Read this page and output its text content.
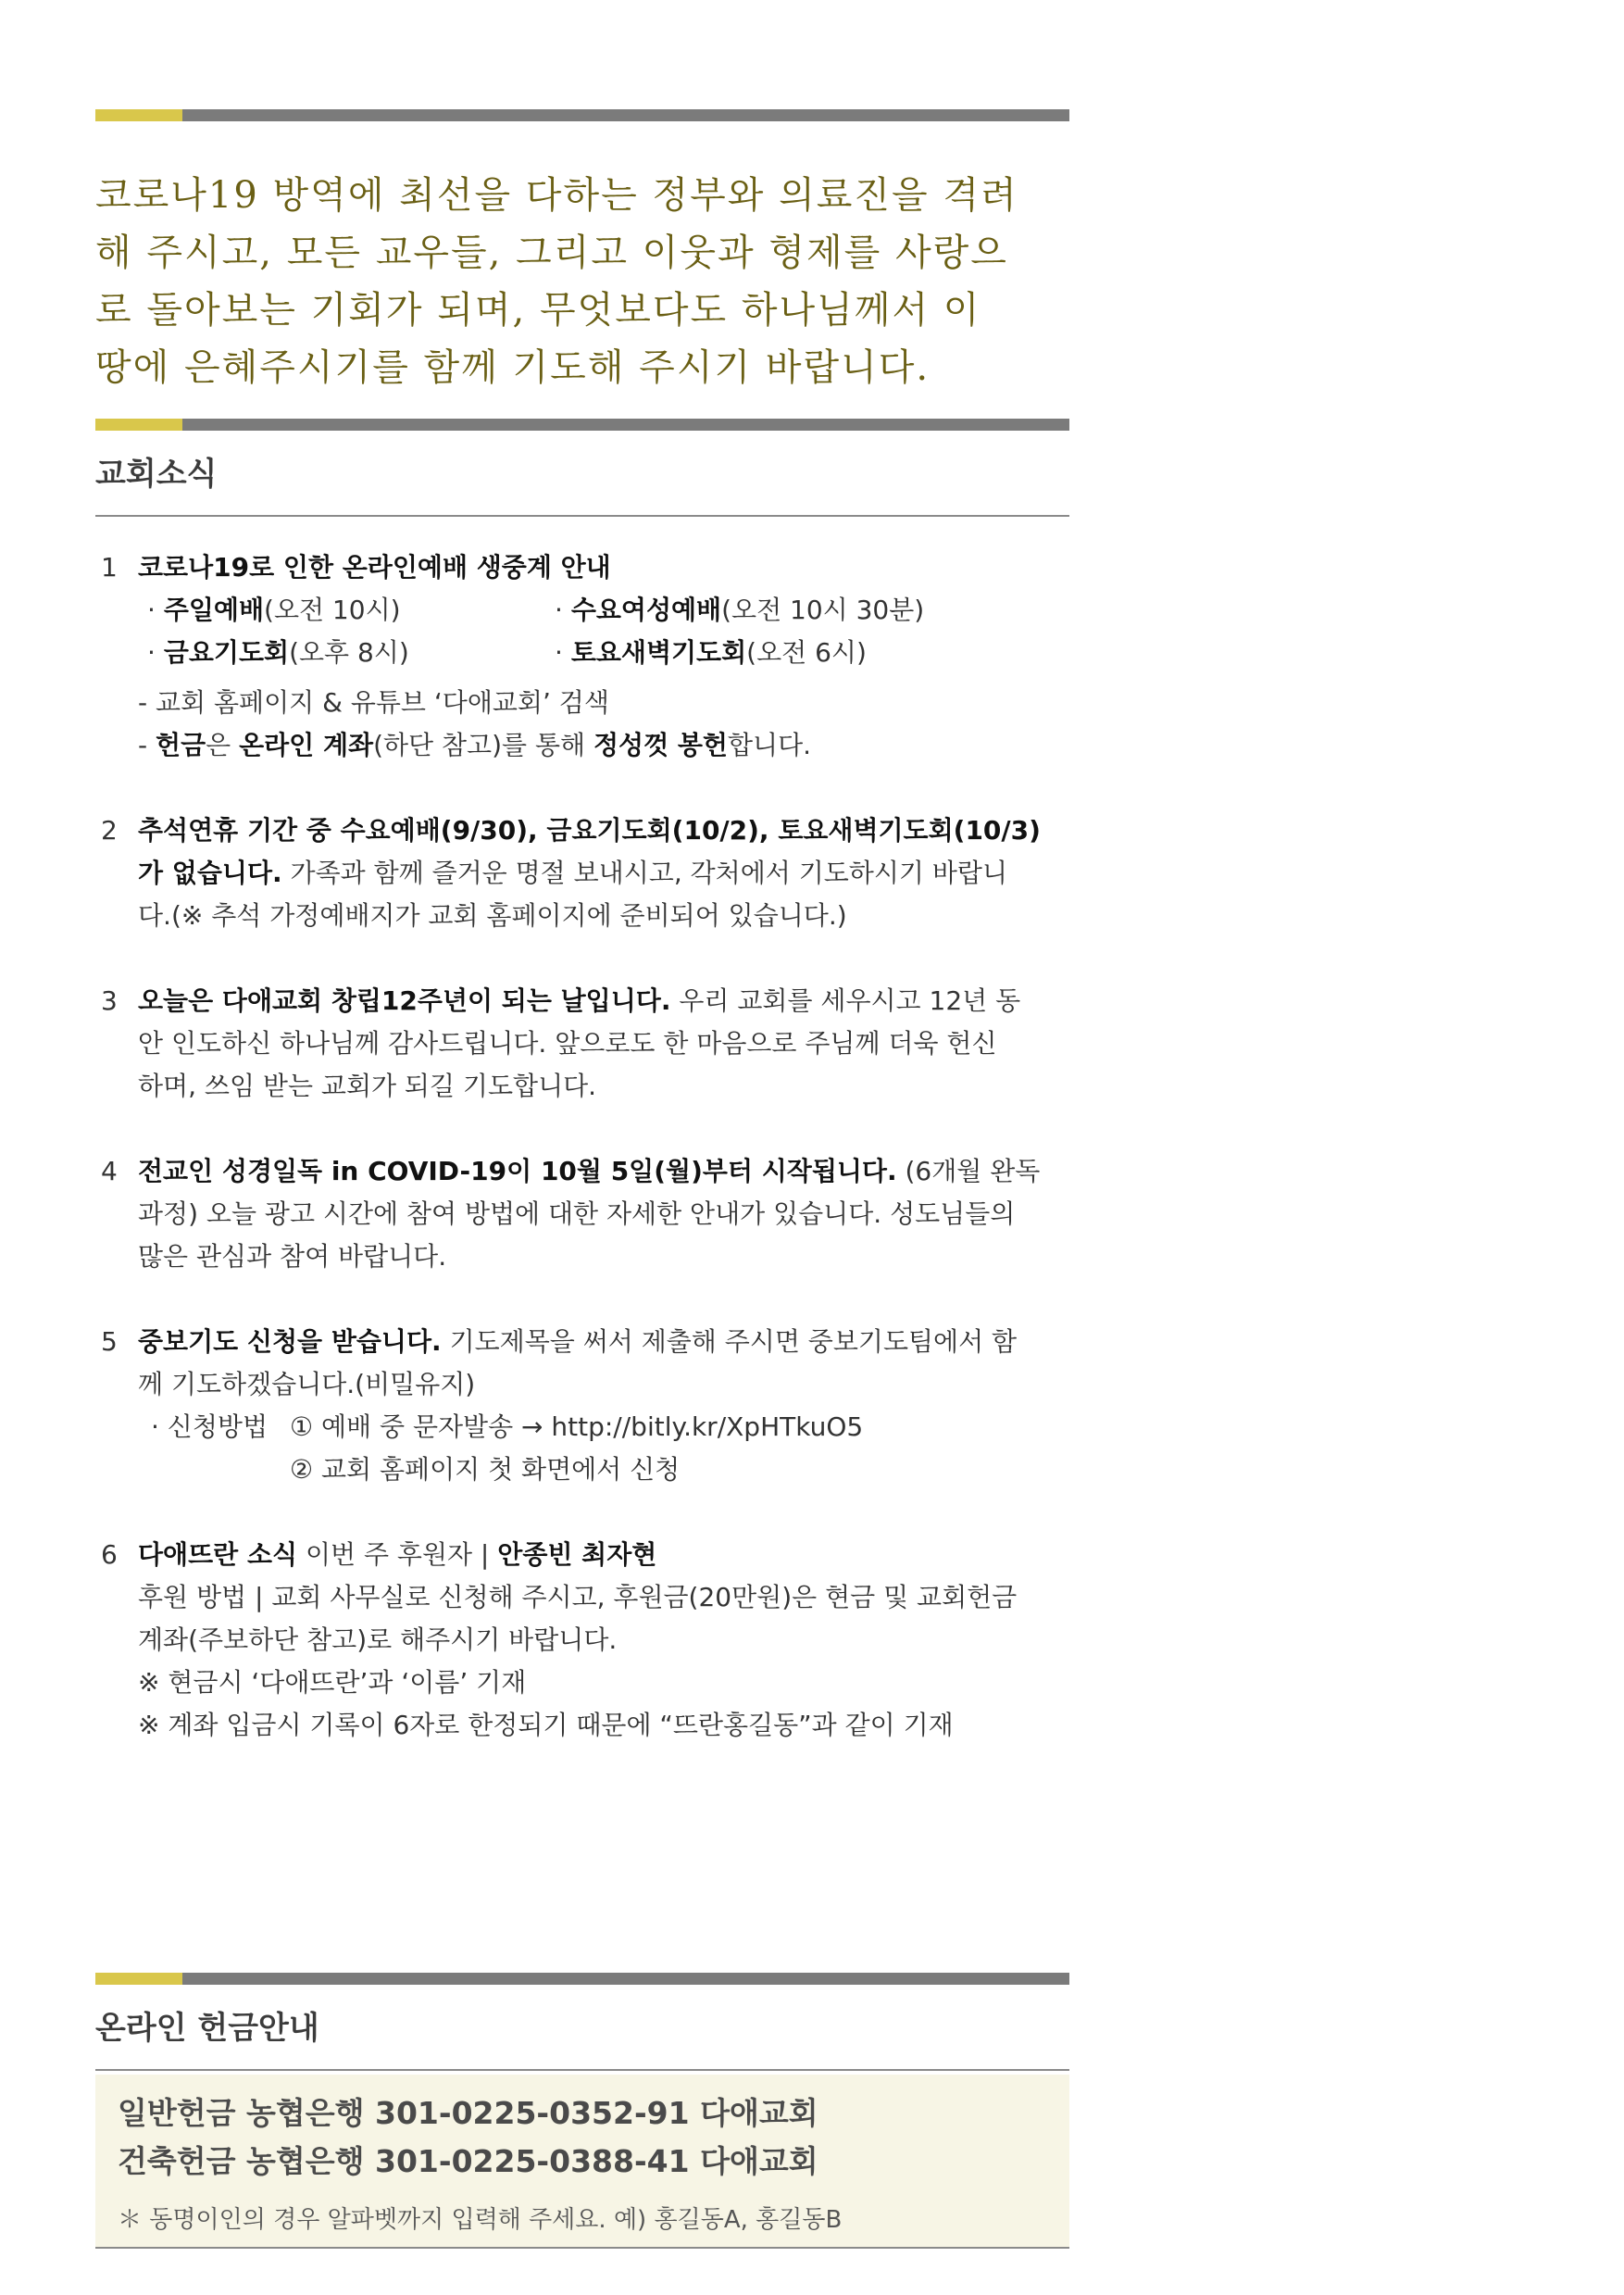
코로나19 방역에 최선을 다하는 정부와 의료진을 격려
해 주시고, 모든 교우들, 그리고 이웃과 형제를 사랑으
로 돌아보는 기회가 되며, 무엇보다도 하나님께서 이
땅에 은혜주시기를 함께 기도해 주시기 바랍니다.
교회소식
1 코로나19로 인한 온라인예배 생중계 안내
· 주일예배(오전 10시)	· 수요여성예배(오전 10시 30분)
· 금요기도회(오후 8시)	· 토요새벽기도회(오전 6시)
- 교회 홈페이지 & 유튜브 ‘다애교회’ 검색
- 헌금은 온라인 계좌(하단 참고)를 통해 정성껏 봉헌합니다.
2 추석연휴 기간 중 수요예배(9/30), 금요기도회(10/2), 토요새벽기도회(10/3)
가 없습니다. 가족과 함께 즐거운 명절 보내시고, 각처에서 기도하시기 바랍니
다.(※ 추석 가정예배지가 교회 홈페이지에 준비되어 있습니다.)
3 오늘은 다애교회 창립12주년이 되는 날입니다. 우리 교회를 세우시고 12년 동
안 인도하신 하나님께 감사드립니다. 앞으로도 한 마음으로 주님께 더욱 헌신
하며, 쓰임 받는 교회가 되길 기도합니다.
4 전교인 성경일독 in COVID-19이 10월 5일(월)부터 시작됩니다. (6개월 완독
과정) 오늘 광고 시간에 참여 방법에 대한 자세한 안내가 있습니다. 성도님들의
많은 관심과 참여 바랍니다.
5 중보기도 신청을 받습니다. 기도제목을 써서 제출해 주시면 중보기도팀에서 함
께 기도하겠습니다.(비밀유지)
· 신청방법 ① 예배 중 문자발송 → http://bitly.kr/XpHTkuO5
② 교회 홈페이지 첫 화면에서 신청
6 다애뜨란 소식 이번 주 후원자 | 안종빈 최자현
후원 방법 | 교회 사무실로 신청해 주시고, 후원금(20만원)은 현금 및 교회헌금
계좌(주보하단 참고)로 해주시기 바랍니다.
※ 현금시 ‘다애뜨란’과 ‘이름’ 기재
※ 계좌 입금시 기록이 6자로 한정되기 때문에 “뜨란홍길동”과 같이 기재
온라인 헌금안내
일반헌금 농협은행 301-0225-0352-91 다애교회
건축헌금 농협은행 301-0225-0388-41 다애교회
＊ 동명이인의 경우 알파벳까지 입력해 주세요. 예) 홍길동A, 홍길동B
